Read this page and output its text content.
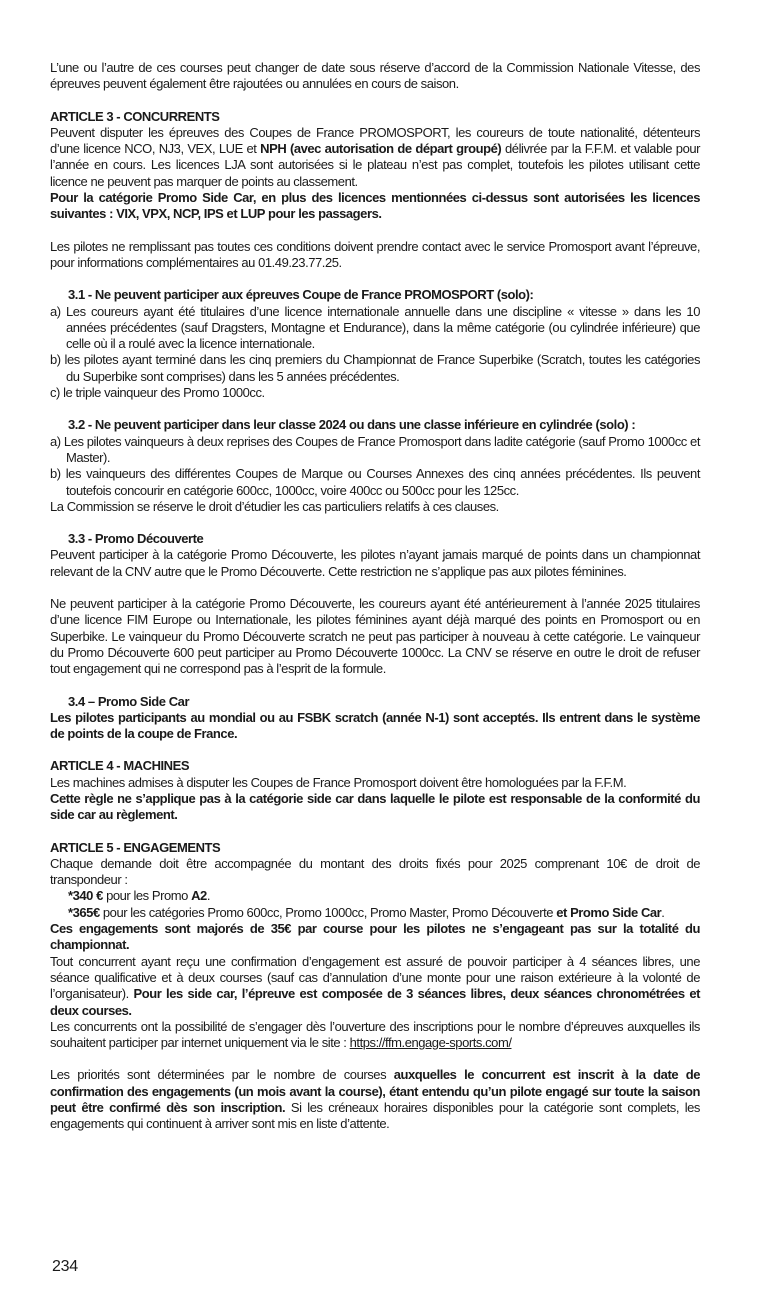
L’une ou l’autre de ces courses peut changer de date sous réserve d’accord de la Commission Nationale Vitesse, des épreuves peuvent également être rajoutées ou annulées en cours de saison.

ARTICLE 3 - CONCURRENTS

Peuvent disputer les épreuves des Coupes de France PROMOSPORT, les coureurs de toute nationalité, détenteurs d’une licence NCO, NJ3, VEX, LUE et NPH (avec autorisation de départ groupé) délivrée par la F.F.M. et valable pour l’année en cours. Les licences LJA sont autorisées si le plateau n’est pas complet, toutefois les pilotes utilisant cette licence ne peuvent pas marquer de points au classement.

Pour la catégorie Promo Side Car, en plus des licences mentionnées ci-dessus sont autorisées les licences suivantes : VIX, VPX, NCP, IPS et LUP pour les passagers.

Les pilotes ne remplissant pas toutes ces conditions doivent prendre contact avec le service Promosport avant l’épreuve, pour informations complémentaires au 01.49.23.77.25.

3.1 - Ne peuvent participer aux épreuves Coupe de France PROMOSPORT (solo):

a) Les coureurs ayant été titulaires d’une licence internationale annuelle dans une discipline « vitesse » dans les 10 années précédentes (sauf Dragsters, Montagne et Endurance), dans la même catégorie (ou cylindrée inférieure) que celle où il a roulé avec la licence internationale.

b) les pilotes ayant terminé dans les cinq premiers du Championnat de France Superbike (Scratch, toutes les catégories du Superbike sont comprises) dans les 5 années précédentes.

c) le triple vainqueur des Promo 1000cc.

3.2 - Ne peuvent participer dans leur classe 2024 ou dans une classe inférieure en cylindrée (solo) :

a) Les pilotes vainqueurs à deux reprises des Coupes de France Promosport dans ladite catégorie (sauf Promo 1000cc et Master).

b) les vainqueurs des différentes Coupes de Marque ou Courses Annexes des cinq années précédentes. Ils peuvent toutefois concourir en catégorie 600cc, 1000cc, voire 400cc ou 500cc pour les 125cc.

La Commission se réserve le droit d’étudier les cas particuliers relatifs à ces clauses.

3.3 - Promo Découverte

Peuvent participer à la catégorie Promo Découverte, les pilotes n’ayant jamais marqué de points dans un championnat relevant de la CNV autre que le Promo Découverte. Cette restriction ne s’applique pas aux pilotes féminines.

Ne peuvent participer à la catégorie Promo Découverte, les coureurs ayant été antérieurement à l’année 2025 titulaires d’une licence FIM Europe ou Internationale, les pilotes féminines ayant déjà marqué des points en Promosport ou en Superbike. Le vainqueur du Promo Découverte scratch ne peut pas participer à nouveau à cette catégorie. Le vainqueur du Promo Découverte 600 peut participer au Promo Découverte 1000cc. La CNV se réserve en outre le droit de refuser tout engagement qui ne correspond pas à l’esprit de la formule.

3.4 – Promo Side Car

Les pilotes participants au mondial ou au FSBK scratch (année N-1) sont acceptés. Ils entrent dans le système de points de la coupe de France.

ARTICLE 4 - MACHINES

Les machines admises à disputer les Coupes de France Promosport doivent être homologuées par la F.F.M.

Cette règle ne s’applique pas à la catégorie side car dans laquelle le pilote est responsable de la conformité du side car au règlement.

ARTICLE 5 - ENGAGEMENTS

Chaque demande doit être accompagnée du montant des droits fixés pour 2025 comprenant 10€ de droit de transpondeur :

*340 € pour les Promo A2.

*365€ pour les catégories Promo 600cc, Promo 1000cc, Promo Master, Promo Découverte et Promo Side Car.

Ces engagements sont majorés de 35€ par course pour les pilotes ne s’engageant pas sur la totalité du championnat.

Tout concurrent ayant reçu une confirmation d’engagement est assuré de pouvoir participer à 4 séances libres, une séance qualificative et à deux courses (sauf cas d’annulation d’une monte pour une raison extérieure à la volonté de l’organisateur). Pour les side car, l’épreuve est composée de 3 séances libres, deux séances chronométrées et deux courses.

Les concurrents ont la possibilité de s’engager dès l’ouverture des inscriptions pour le nombre d’épreuves auxquelles ils souhaitent participer par internet uniquement via le site : https://ffm.engage-sports.com/

Les priorités sont déterminées par le nombre de courses auxquelles le concurrent est inscrit à la date de confirmation des engagements (un mois avant la course), étant entendu qu’un pilote engagé sur toute la saison peut être confirmé dès son inscription. Si les créneaux horaires disponibles pour la catégorie sont complets, les engagements qui continuent à arriver sont mis en liste d’attente.

234
